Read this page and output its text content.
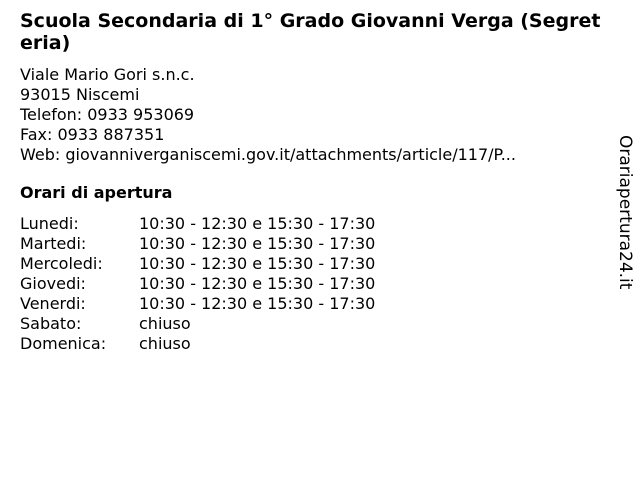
Scuola Secondaria di 1° Grado Giovanni Verga (Segreteria)
Viale Mario Gori s.n.c.
93015 Niscemi
Telefon: 0933 953069
Fax: 0933 887351
Web: giovanniverganiscemi.gov.it/attachments/article/117/P...
Orari di apertura
Lunedi:	10:30 - 12:30 e 15:30 - 17:30
Martedi:	10:30 - 12:30 e 15:30 - 17:30
Mercoledi:	10:30 - 12:30 e 15:30 - 17:30
Giovedi:	10:30 - 12:30 e 15:30 - 17:30
Venerdi:	10:30 - 12:30 e 15:30 - 17:30
Sabato:	chiuso
Domenica:	chiuso
Orariapertura24.it
